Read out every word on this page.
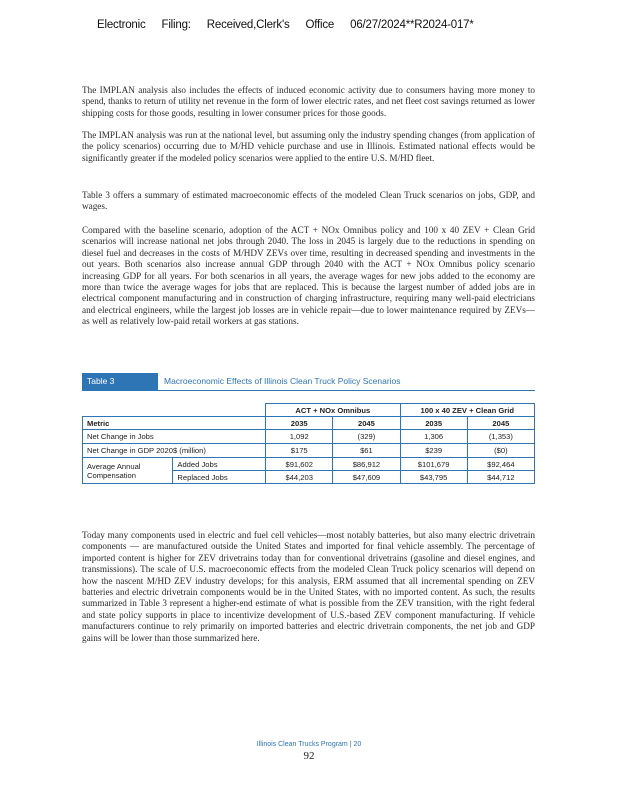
Electronic Filing: Received,Clerk's Office 06/27/2024**R2024-017*

The IMPLAN analysis also includes the effects of induced economic activity due to consumers having more money to spend, thanks to return of utility net revenue in the form of lower electric rates, and net fleet cost savings returned as lower shipping costs for those goods, resulting in lower consumer prices for those goods.

The IMPLAN analysis was run at the national level, but assuming only the industry spending changes (from application of the policy scenarios) occurring due to M/HD vehicle purchase and use in Illinois. Estimated national effects would be significantly greater if the modeled policy scenarios were applied to the entire U.S. M/HD fleet.

Table 3 offers a summary of estimated macroeconomic effects of the modeled Clean Truck scenarios on jobs, GDP, and wages.

Compared with the baseline scenario, adoption of the ACT + NOx Omnibus policy and 100 x 40 ZEV + Clean Grid scenarios will increase national net jobs through 2040. The loss in 2045 is largely due to the reductions in spending on diesel fuel and decreases in the costs of M/HDV ZEVs over time, resulting in decreased spending and investments in the out years. Both scenarios also increase annual GDP through 2040 with the ACT + NOx Omnibus policy scenario increasing GDP for all years. For both scenarios in all years, the average wages for new jobs added to the economy are more than twice the average wages for jobs that are replaced. This is because the largest number of added jobs are in electrical component manufacturing and in construction of charging infrastructure, requiring many well-paid electricians and electrical engineers, while the largest job losses are in vehicle repair—due to lower maintenance required by ZEVs—as well as relatively low-paid retail workers at gas stations.

Table 3	Macroeconomic Effects of Illinois Clean Truck Policy Scenarios
		ACT + NOx Omnibus		100 x 40 ZEV + Clean Grid	
Metric		2035	2045	2035	2045
Net Change in Jobs		1,092	(329)	1,306	(1,353)
Net Change in GDP 2020$ (million)		$175	$61	$239	($0)
Average Annual Compensation	Added Jobs	$91,602	$86,912	$101,679	$92,464
	Replaced Jobs	$44,203	$47,609	$43,795	$44,712

Today many components used in electric and fuel cell vehicles—most notably batteries, but also many electric drivetrain components — are manufactured outside the United States and imported for final vehicle assembly. The percentage of imported content is higher for ZEV drivetrains today than for conventional drivetrains (gasoline and diesel engines, and transmissions). The scale of U.S. macroeconomic effects from the modeled Clean Truck policy scenarios will depend on how the nascent M/HD ZEV industry develops; for this analysis, ERM assumed that all incremental spending on ZEV batteries and electric drivetrain components would be in the United States, with no imported content. As such, the results summarized in Table 3 represent a higher-end estimate of what is possible from the ZEV transition, with the right federal and state policy supports in place to incentivize development of U.S.-based ZEV component manufacturing. If vehicle manufacturers continue to rely primarily on imported batteries and electric drivetrain components, the net job and GDP gains will be lower than those summarized here.

Illinois Clean Trucks Program | 20
92
